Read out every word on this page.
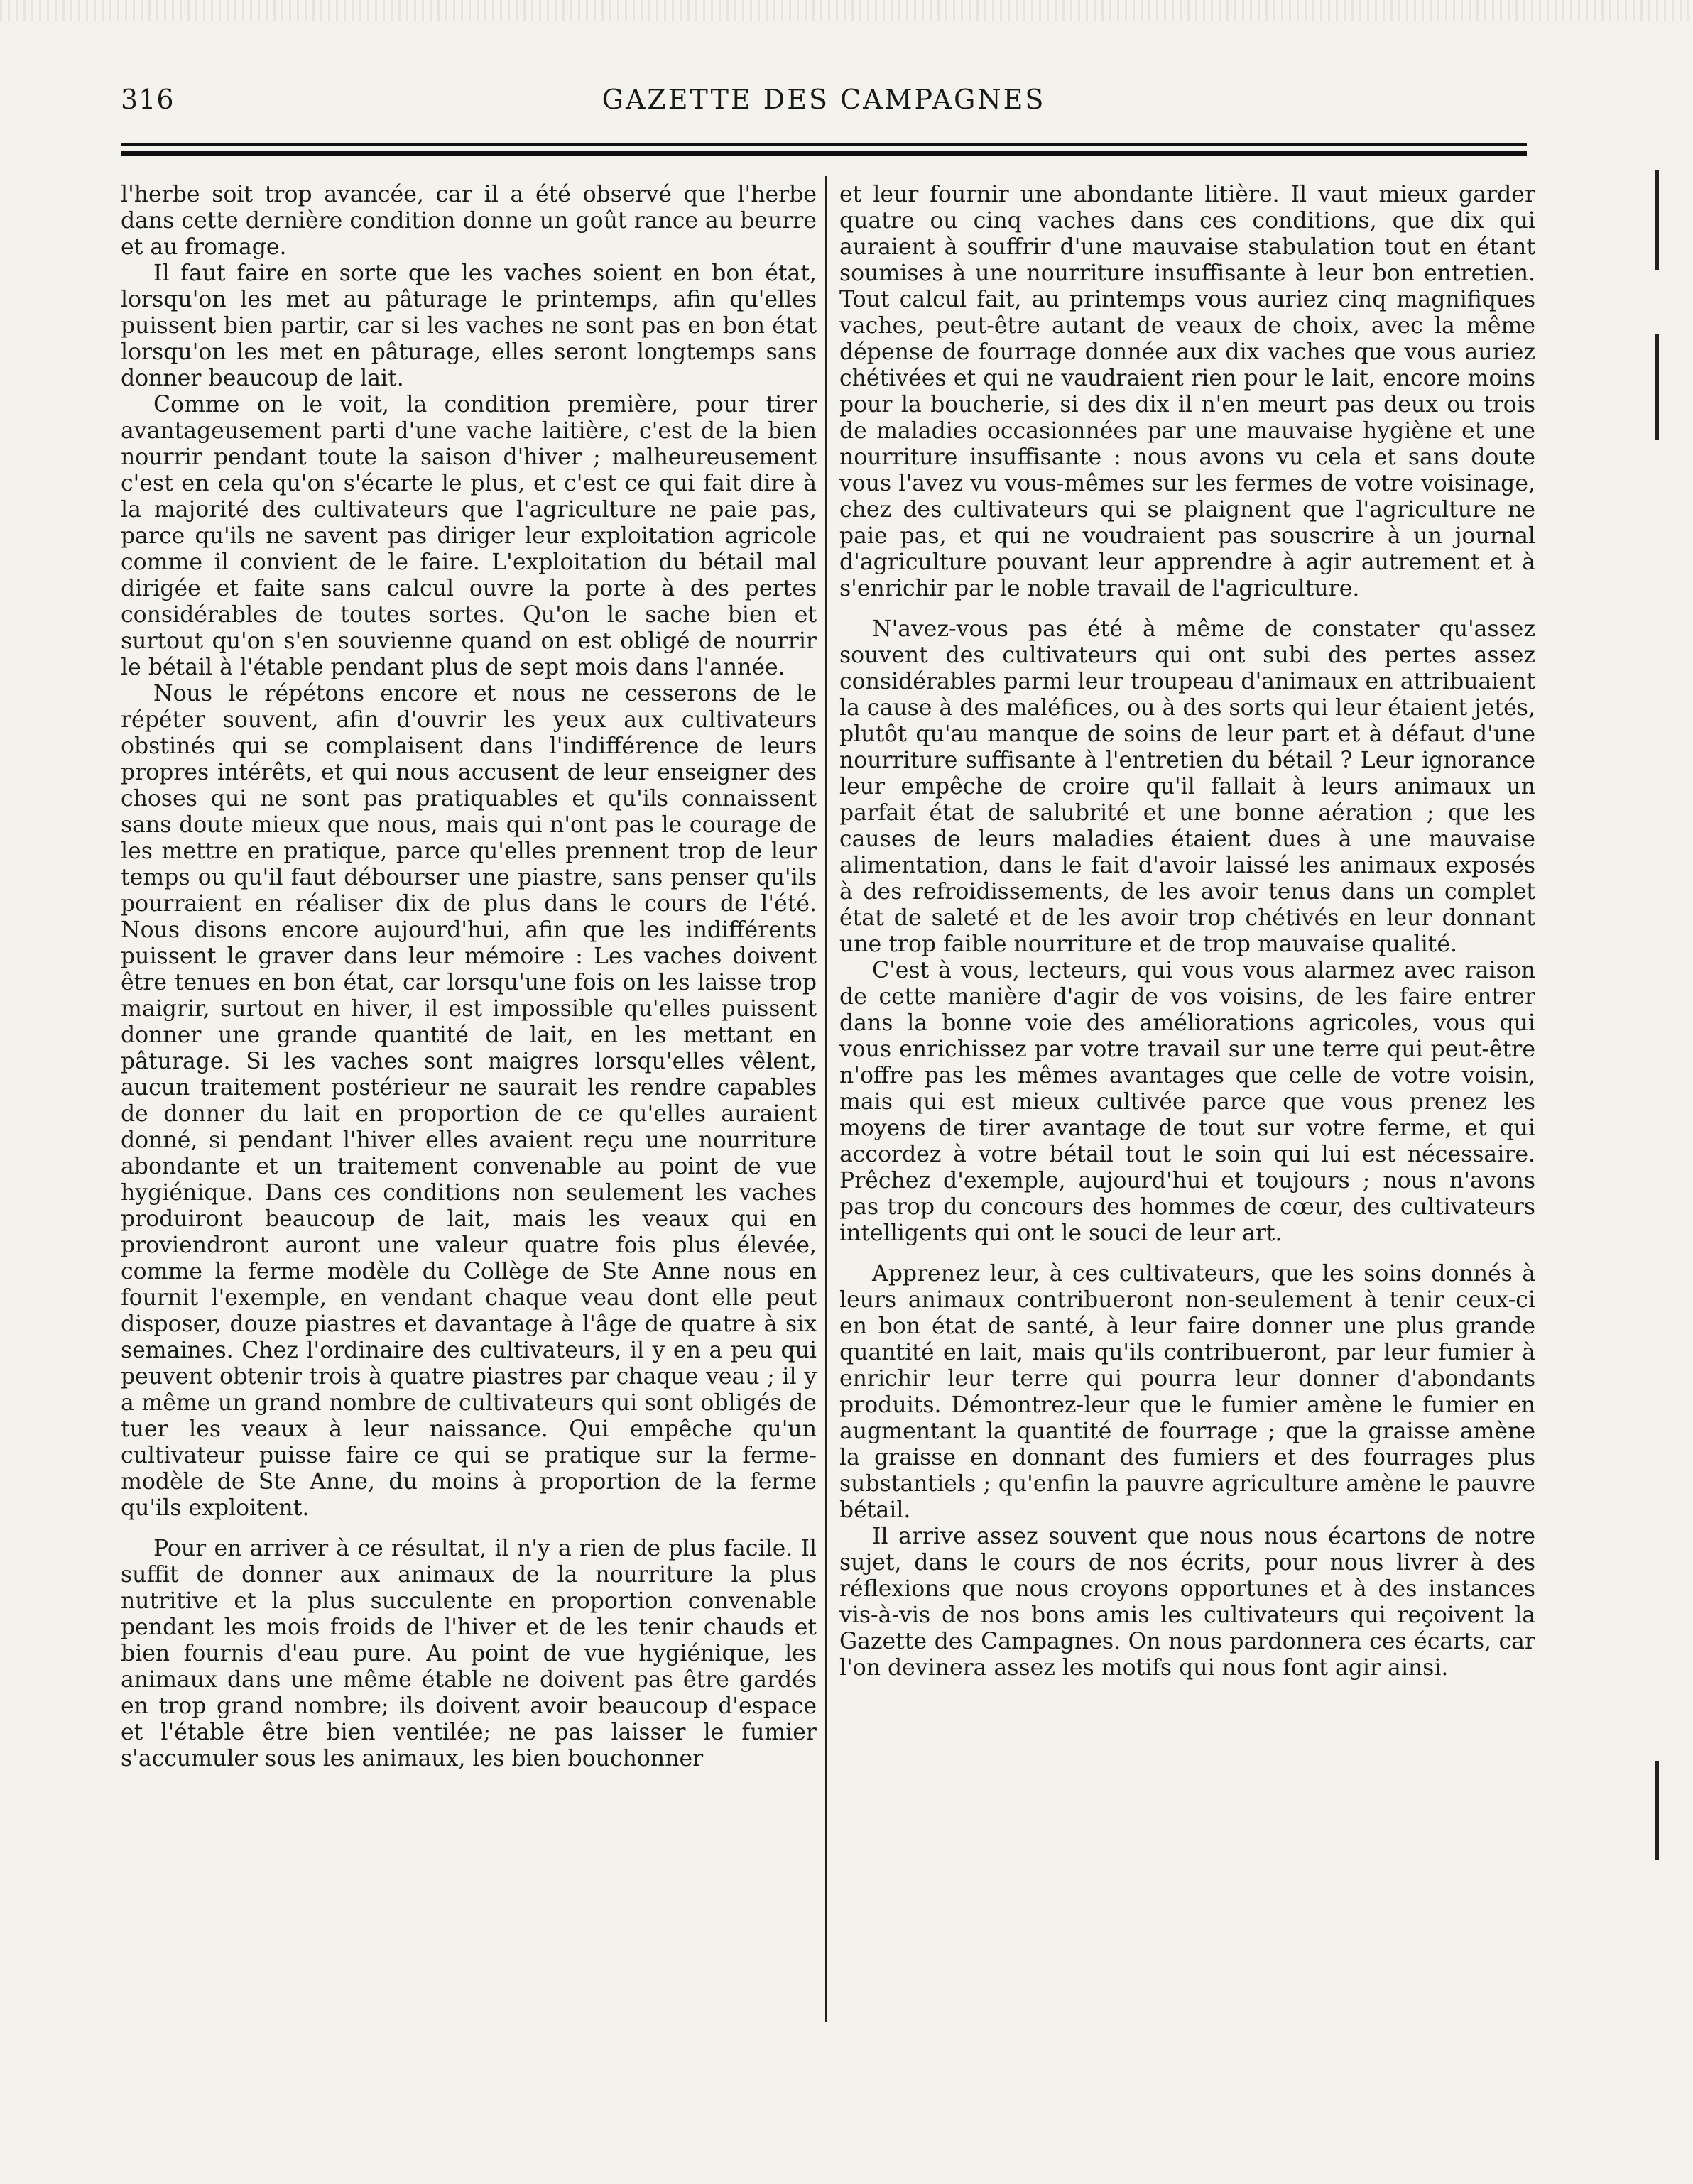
316	GAZETTE DES CAMPAGNES

l'herbe soit trop avancée, car il a été observé que l'herbe dans cette dernière condition donne un goût rance au beurre et au fromage.

Il faut faire en sorte que les vaches soient en bon état, lorsqu'on les met au pâturage le printemps, afin qu'elles puissent bien partir, car si les vaches ne sont pas en bon état lorsqu'on les met en pâturage, elles seront longtemps sans donner beaucoup de lait.

Comme on le voit, la condition première, pour tirer avantageusement parti d'une vache laitière, c'est de la bien nourrir pendant toute la saison d'hiver ; malheureusement c'est en cela qu'on s'écarte le plus, et c'est ce qui fait dire à la majorité des cultivateurs que l'agriculture ne paie pas, parce qu'ils ne savent pas diriger leur exploitation agricole comme il convient de le faire. L'exploitation du bétail mal dirigée et faite sans calcul ouvre la porte à des pertes considérables de toutes sortes. Qu'on le sache bien et surtout qu'on s'en souvienne quand on est obligé de nourrir le bétail à l'étable pendant plus de sept mois dans l'année.

Nous le répétons encore et nous ne cesserons de le répéter souvent, afin d'ouvrir les yeux aux cultivateurs obstinés qui se complaisent dans l'indifférence de leurs propres intérêts, et qui nous accusent de leur enseigner des choses qui ne sont pas pratiquables et qu'ils connaissent sans doute mieux que nous, mais qui n'ont pas le courage de les mettre en pratique, parce qu'elles prennent trop de leur temps ou qu'il faut débourser une piastre, sans penser qu'ils pourraient en réaliser dix de plus dans le cours de l'été. Nous disons encore aujourd'hui, afin que les indifférents puissent le graver dans leur mémoire : Les vaches doivent être tenues en bon état, car lorsqu'une fois on les laisse trop maigrir, surtout en hiver, il est impossible qu'elles puissent donner une grande quantité de lait, en les mettant en pâturage. Si les vaches sont maigres lorsqu'elles vêlent, aucun traitement postérieur ne saurait les rendre capables de donner du lait en proportion de ce qu'elles auraient donné, si pendant l'hiver elles avaient reçu une nourriture abondante et un traitement convenable au point de vue hygiénique. Dans ces conditions non seulement les vaches produiront beaucoup de lait, mais les veaux qui en proviendront auront une valeur quatre fois plus élevée, comme la ferme modèle du Collège de Ste Anne nous en fournit l'exemple, en vendant chaque veau dont elle peut disposer, douze piastres et davantage à l'âge de quatre à six semaines. Chez l'ordinaire des cultivateurs, il y en a peu qui peuvent obtenir trois à quatre piastres par chaque veau ; il y a même un grand nombre de cultivateurs qui sont obligés de tuer les veaux à leur naissance. Qui empêche qu'un cultivateur puisse faire ce qui se pratique sur la ferme-modèle de Ste Anne, du moins à proportion de la ferme qu'ils exploitent.

Pour en arriver à ce résultat, il n'y a rien de plus facile. Il suffit de donner aux animaux de la nourriture la plus nutritive et la plus succulente en proportion convenable pendant les mois froids de l'hiver et de les tenir chauds et bien fournis d'eau pure. Au point de vue hygiénique, les animaux dans une même étable ne doivent pas être gardés en trop grand nombre; ils doivent avoir beaucoup d'espace et l'étable être bien ventilée; ne pas laisser le fumier s'accumuler sous les animaux, les bien bouchonner

et leur fournir une abondante litière. Il vaut mieux garder quatre ou cinq vaches dans ces conditions, que dix qui auraient à souffrir d'une mauvaise stabulation tout en étant soumises à une nourriture insuffisante à leur bon entretien. Tout calcul fait, au printemps vous auriez cinq magnifiques vaches, peut-être autant de veaux de choix, avec la même dépense de fourrage donnée aux dix vaches que vous auriez chétivées et qui ne vaudraient rien pour le lait, encore moins pour la boucherie, si des dix il n'en meurt pas deux ou trois de maladies occasionnées par une mauvaise hygiène et une nourriture insuffisante : nous avons vu cela et sans doute vous l'avez vu vous-mêmes sur les fermes de votre voisinage, chez des cultivateurs qui se plaignent que l'agriculture ne paie pas, et qui ne voudraient pas souscrire à un journal d'agriculture pouvant leur apprendre à agir autrement et à s'enrichir par le noble travail de l'agriculture.

N'avez-vous pas été à même de constater qu'assez souvent des cultivateurs qui ont subi des pertes assez considérables parmi leur troupeau d'animaux en attribuaient la cause à des maléfices, ou à des sorts qui leur étaient jetés, plutôt qu'au manque de soins de leur part et à défaut d'une nourriture suffisante à l'entretien du bétail ? Leur ignorance leur empêche de croire qu'il fallait à leurs animaux un parfait état de salubrité et une bonne aération ; que les causes de leurs maladies étaient dues à une mauvaise alimentation, dans le fait d'avoir laissé les animaux exposés à des refroidissements, de les avoir tenus dans un complet état de saleté et de les avoir trop chétivés en leur donnant une trop faible nourriture et de trop mauvaise qualité.

C'est à vous, lecteurs, qui vous vous alarmez avec raison de cette manière d'agir de vos voisins, de les faire entrer dans la bonne voie des améliorations agricoles, vous qui vous enrichissez par votre travail sur une terre qui peut-être n'offre pas les mêmes avantages que celle de votre voisin, mais qui est mieux cultivée parce que vous prenez les moyens de tirer avantage de tout sur votre ferme, et qui accordez à votre bétail tout le soin qui lui est nécessaire. Prêchez d'exemple, aujourd'hui et toujours ; nous n'avons pas trop du concours des hommes de cœur, des cultivateurs intelligents qui ont le souci de leur art.

Apprenez leur, à ces cultivateurs, que les soins donnés à leurs animaux contribueront non-seulement à tenir ceux-ci en bon état de santé, à leur faire donner une plus grande quantité en lait, mais qu'ils contribueront, par leur fumier à enrichir leur terre qui pourra leur donner d'abondants produits. Démontrez-leur que le fumier amène le fumier en augmentant la quantité de fourrage ; que la graisse amène la graisse en donnant des fumiers et des fourrages plus substantiels ; qu'enfin la pauvre agriculture amène le pauvre bétail.

Il arrive assez souvent que nous nous écartons de notre sujet, dans le cours de nos écrits, pour nous livrer à des réflexions que nous croyons opportunes et à des instances vis-à-vis de nos bons amis les cultivateurs qui reçoivent la Gazette des Campagnes. On nous pardonnera ces écarts, car l'on devinera assez les motifs qui nous font agir ainsi.
